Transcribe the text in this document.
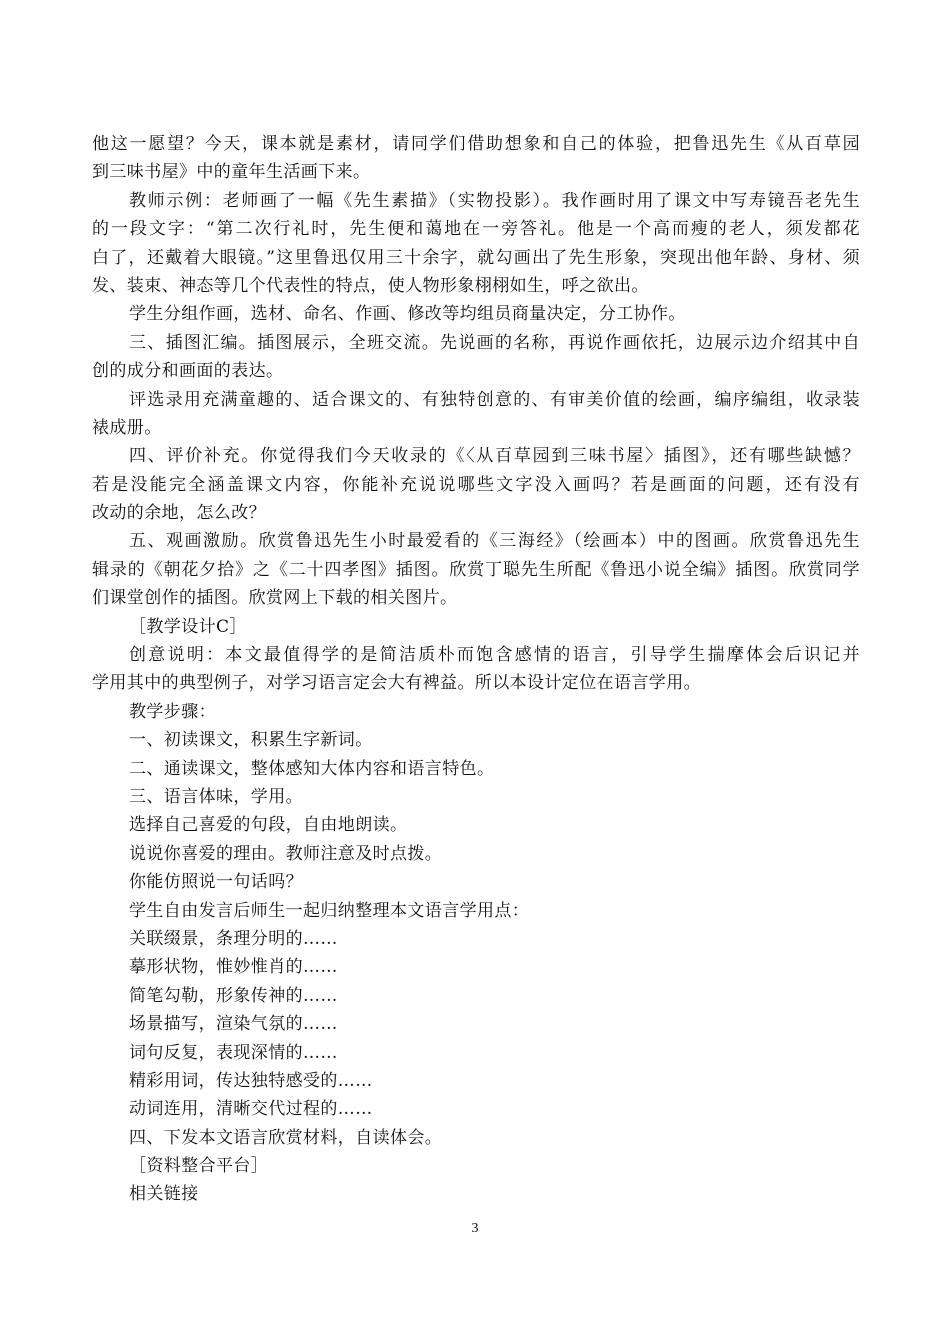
他这一愿望？今天，课本就是素材，请同学们借助想象和自己的体验，把鲁迅先生《从百草园
到三味书屋》中的童年生活画下来。
教师示例：老师画了一幅《先生素描》（实物投影）。我作画时用了课文中写寿镜吾老先生
的一段文字：“第二次行礼时，先生便和蔼地在一旁答礼。他是一个高而瘦的老人，须发都花
白了，还戴着大眼镜。”这里鲁迅仅用三十余字，就勾画出了先生形象，突现出他年龄、身材、须
发、装束、神态等几个代表性的特点，使人物形象栩栩如生，呼之欲出。
学生分组作画，选材、命名、作画、修改等均组员商量决定，分工协作。
三、插图汇编。插图展示，全班交流。先说画的名称，再说作画依托，边展示边介绍其中自
创的成分和画面的表达。
评选录用充满童趣的、适合课文的、有独特创意的、有审美价值的绘画，编序编组，收录装
裱成册。
四、评价补充。你觉得我们今天收录的《〈从百草园到三味书屋〉插图》，还有哪些缺憾？
若是没能完全涵盖课文内容，你能补充说说哪些文字没入画吗？若是画面的问题，还有没有
改动的余地，怎么改？
五、观画激励。欣赏鲁迅先生小时最爱看的《三海经》（绘画本）中的图画。欣赏鲁迅先生
辑录的《朝花夕拾》之《二十四孝图》插图。欣赏丁聪先生所配《鲁迅小说全编》插图。欣赏同学
们课堂创作的插图。欣赏网上下载的相关图片。
［教学设计C］
创意说明：本文最值得学的是简洁质朴而饱含感情的语言，引导学生揣摩体会后识记并
学用其中的典型例子，对学习语言定会大有裨益。所以本设计定位在语言学用。
教学步骤：
一、初读课文，积累生字新词。
二、通读课文，整体感知大体内容和语言特色。
三、语言体味，学用。
选择自己喜爱的句段，自由地朗读。
说说你喜爱的理由。教师注意及时点拨。
你能仿照说一句话吗？
学生自由发言后师生一起归纳整理本文语言学用点：
关联缀景，条理分明的……
摹形状物，惟妙惟肖的……
简笔勾勒，形象传神的……
场景描写，渲染气氛的……
词句反复，表现深情的……
精彩用词，传达独特感受的……
动词连用，清晰交代过程的……
四、下发本文语言欣赏材料，自读体会。
［资料整合平台］
相关链接
3
